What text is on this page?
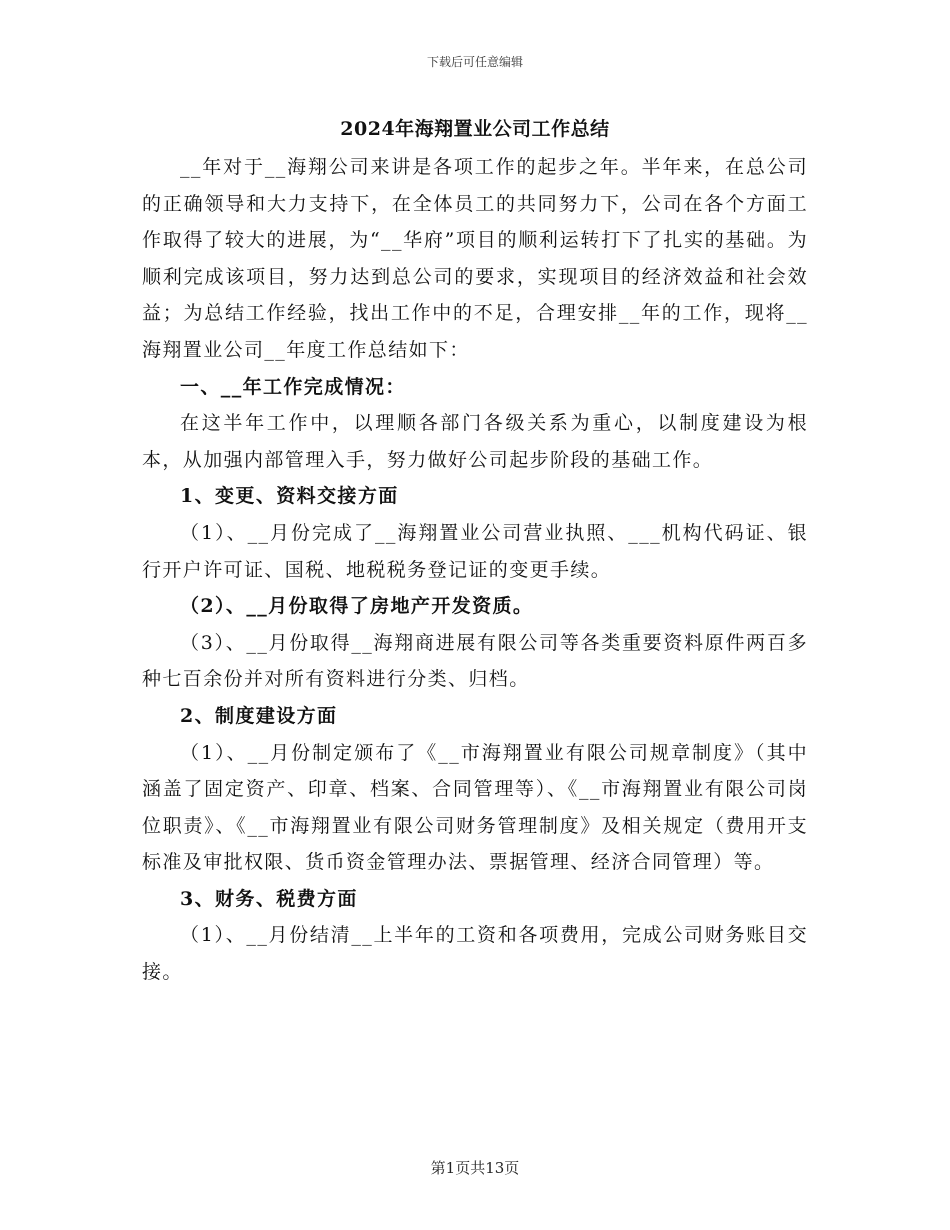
下载后可任意编辑
2024年海翔置业公司工作总结

__年对于__海翔公司来讲是各项工作的起步之年。半年来，在总公司的正确领导和大力支持下，在全体员工的共同努力下，公司在各个方面工作取得了较大的进展，为“__华府”项目的顺利运转打下了扎实的基础。为顺利完成该项目，努力达到总公司的要求，实现项目的经济效益和社会效益；为总结工作经验，找出工作中的不足，合理安排__年的工作，现将__海翔置业公司__年度工作总结如下：

一、__年工作完成情况：

在这半年工作中，以理顺各部门各级关系为重心，以制度建设为根本，从加强内部管理入手，努力做好公司起步阶段的基础工作。

1、变更、资料交接方面

（1）、__月份完成了__海翔置业公司营业执照、___机构代码证、银行开户许可证、国税、地税税务登记证的变更手续。

（2）、__月份取得了房地产开发资质。

（3）、__月份取得__海翔商进展有限公司等各类重要资料原件两百多种七百余份并对所有资料进行分类、归档。

2、制度建设方面

（1）、__月份制定颁布了《__市海翔置业有限公司规章制度》（其中涵盖了固定资产、印章、档案、合同管理等）、《__市海翔置业有限公司岗位职责》、《__市海翔置业有限公司财务管理制度》及相关规定（费用开支标准及审批权限、货币资金管理办法、票据管理、经济合同管理）等。

3、财务、税费方面

（1）、__月份结清__上半年的工资和各项费用，完成公司财务账目交接。

第1页共13页
